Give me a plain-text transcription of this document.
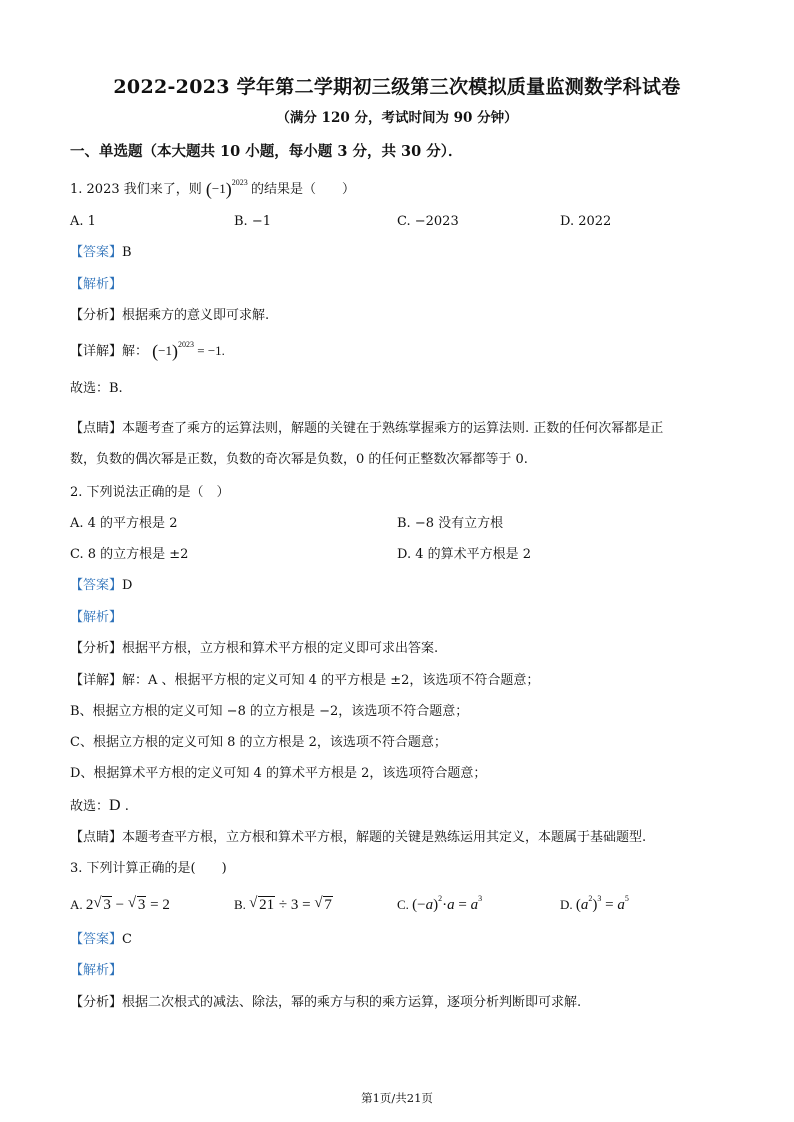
2022-2023 学年第二学期初三级第三次模拟质量监测数学科试卷
（满分 120 分，考试时间为 90 分钟）
一、单选题（本大题共 10 小题，每小题 3 分，共 30 分）．
1. 2023 我们来了，则 $(-1)^{2023}$ 的结果是（　　）
A. 1	B. −1	C. −2023	D. 2022
【答案】B
【解析】
【分析】根据乘方的意义即可求解.
【详解】解： $(-1)^{2023} = -1$.
故选：B.
【点睛】本题考查了乘方的运算法则，解题的关键在于熟练掌握乘方的运算法则. 正数的任何次幂都是正
数，负数的偶次幂是正数，负数的奇次幂是负数，0 的任何正整数次幂都等于 0.
2. 下列说法正确的是（　）
A. 4 的平方根是 2	B. −8 没有立方根
C. 8 的立方根是 ±2	D. 4 的算术平方根是 2
【答案】D
【解析】
【分析】根据平方根，立方根和算术平方根的定义即可求出答案.
【详解】解：A 、根据平方根的定义可知 4 的平方根是 ±2，该选项不符合题意；
B、根据立方根的定义可知 −8 的立方根是 −2，该选项不符合题意；
C、根据立方根的定义可知 8 的立方根是 2，该选项不符合题意；
D、根据算术平方根的定义可知 4 的算术平方根是 2，该选项符合题意；
故选：D .
【点睛】本题考查平方根，立方根和算术平方根，解题的关键是熟练运用其定义，本题属于基础题型.
3. 下列计算正确的是(　　)
A. 2 √ 3 − √ 3 = 2	B. √ 21 ÷ 3 = √ 7	C. $(-a)^2\cdot a = a^3$	D. $(a^2)^3 = a^5$
【答案】C
【解析】
【分析】根据二次根式的减法、除法，幂的乘方与积的乘方运算，逐项分析判断即可求解.
第1页/共21页
